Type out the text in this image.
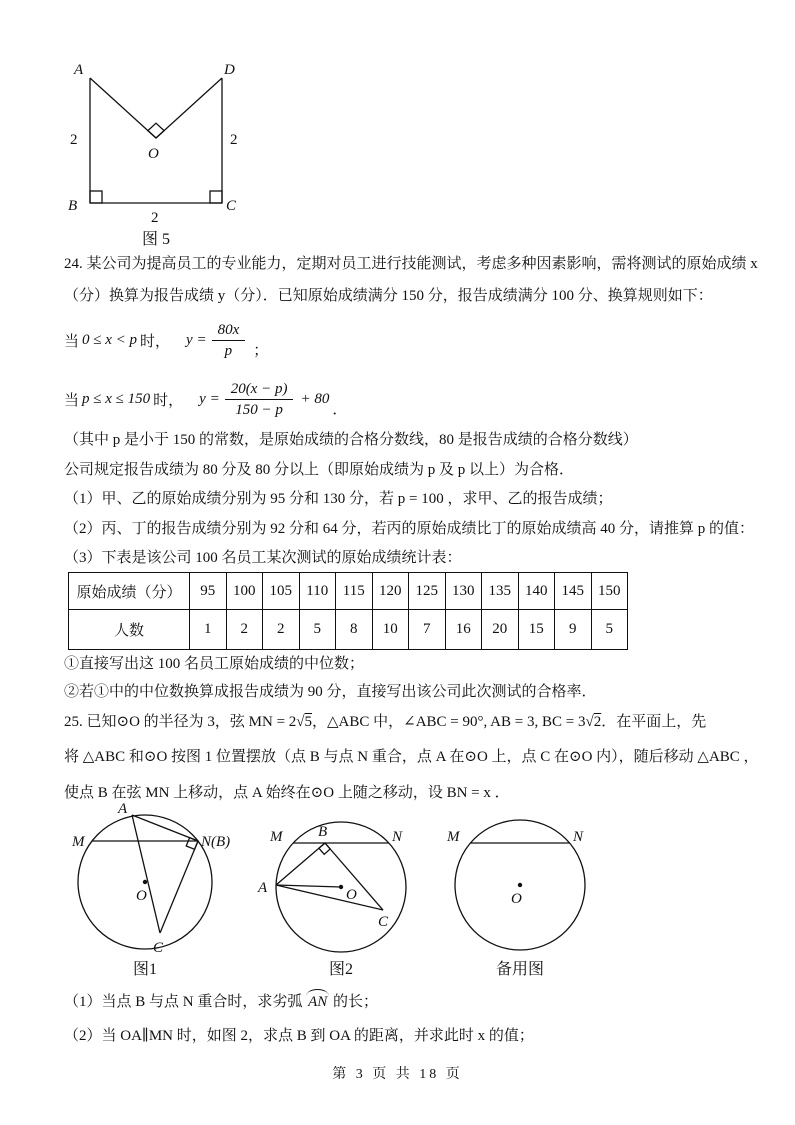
A	D
B	C
O
2	2
2
图 5
24. 某公司为提高员工的专业能力，定期对员工进行技能测试，考虑多种因素影响，需将测试的原始成绩 x
（分）换算为报告成绩 y（分）．已知原始成绩满分 150 分，报告成绩满分 100 分、换算规则如下：
当 0 ≤ x < p 时， $y = \frac{80x}{p}$ ；
当 p ≤ x ≤ 150 时， $y = \frac{20(x - p)}{150 - p} + 80$
．
（其中 p 是小于 150 的常数，是原始成绩的合格分数线，80 是报告成绩的合格分数线）
公司规定报告成绩为 80 分及 80 分以上（即原始成绩为 p 及 p 以上）为合格．
（1）甲、乙的原始成绩分别为 95 分和 130 分，若 p = 100 ，求甲、乙的报告成绩；
（2）丙、丁的报告成绩分别为 92 分和 64 分，若丙的原始成绩比丁的原始成绩高 40 分，请推算 p 的值：
（3）下表是该公司 100 名员工某次测试的原始成绩统计表：
原始成绩（分）	95	100	105	110	115	120	125	130	135	140	145	150
人数	1	2	2	5	8	10	7	16	20	15	9	5
①直接写出这 100 名员工原始成绩的中位数；
②若①中的中位数换算成报告成绩为 90 分，直接写出该公司此次测试的合格率．
25. 已知⊙O 的半径为 3，弦 MN = 2√5，△ABC 中，∠ABC = 90°, AB = 3, BC = 3√2．在平面上，先
将 △ABC 和⊙O 按图 1 位置摆放（点 B 与点 N 重合，点 A 在⊙O 上，点 C 在⊙O 内），随后移动 △ABC ，
使点 B 在弦 MN 上移动，点 A 始终在⊙O 上随之移动，设 BN = x ．
A
M	N(B)
O
C
图1
M B	N
A	O
C
图2
M	N
O
备用图
（1）当点 B 与点 N 重合时，求劣弧 AN 的长；
（2）当 OA∥MN 时，如图 2，求点 B 到 OA 的距离，并求此时 x 的值；
第 3 页 共 18 页
